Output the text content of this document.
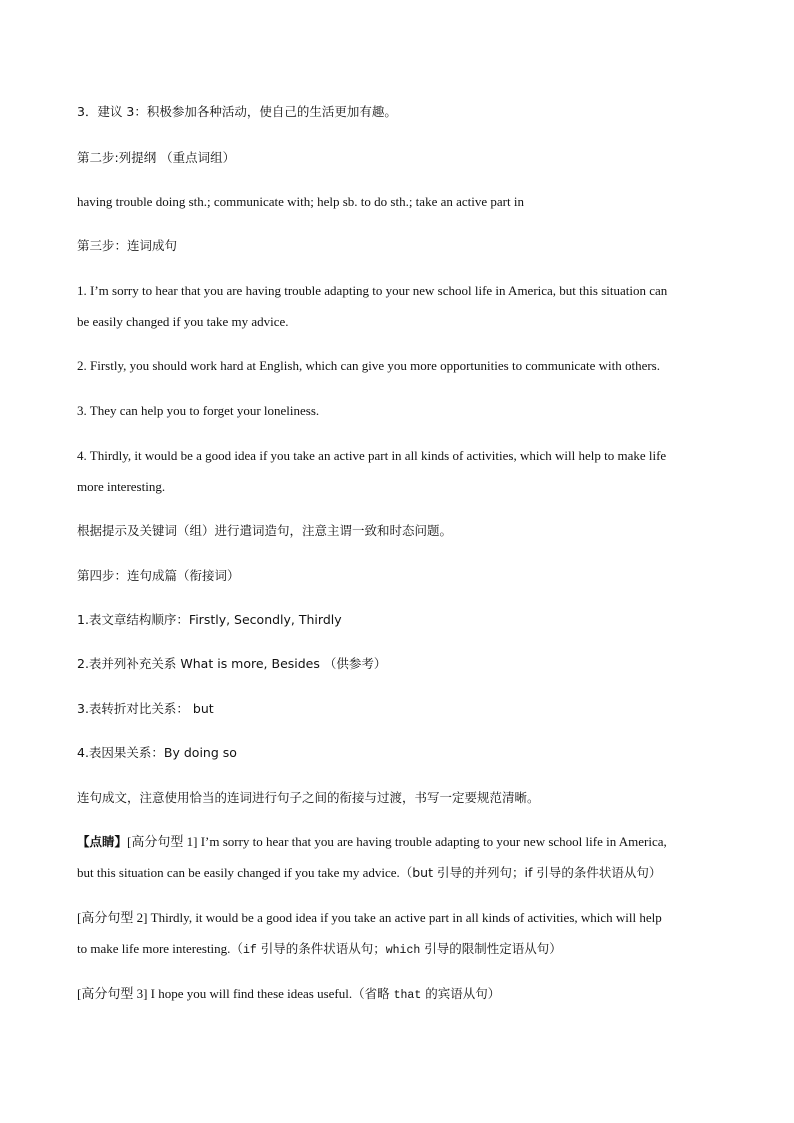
3．建议 3：积极参加各种活动，使自己的生活更加有趣。
第二步:列提纲 （重点词组）
having trouble doing sth.; communicate with; help sb. to do sth.; take an active part in
第三步：连词成句
1. I’m sorry to hear that you are having trouble adapting to your new school life in America, but this situation can
be easily changed if you take my advice.
2. Firstly, you should work hard at English, which can give you more opportunities to communicate with others.
3. They can help you to forget your loneliness.
4. Thirdly, it would be a good idea if you take an active part in all kinds of activities, which will help to make life
more interesting.
根据提示及关键词（组）进行遣词造句，注意主谓一致和时态问题。
第四步：连句成篇（衔接词）
1.表文章结构顺序：Firstly, Secondly, Thirdly
2.表并列补充关系 What is more, Besides （供参考）
3.表转折对比关系： but
4.表因果关系：By doing so
连句成文，注意使用恰当的连词进行句子之间的衔接与过渡，书写一定要规范清晰。
【点睛】[高分句型 1] I’m sorry to hear that you are having trouble adapting to your new school life in America,
but this situation can be easily changed if you take my advice.（but 引导的并列句；if 引导的条件状语从句）
[高分句型 2] Thirdly, it would be a good idea if you take an active part in all kinds of activities, which will help
to make life more interesting.（if 引导的条件状语从句；which 引导的限制性定语从句）
[高分句型 3] I hope you will find these ideas useful.（省略 that 的宾语从句）
